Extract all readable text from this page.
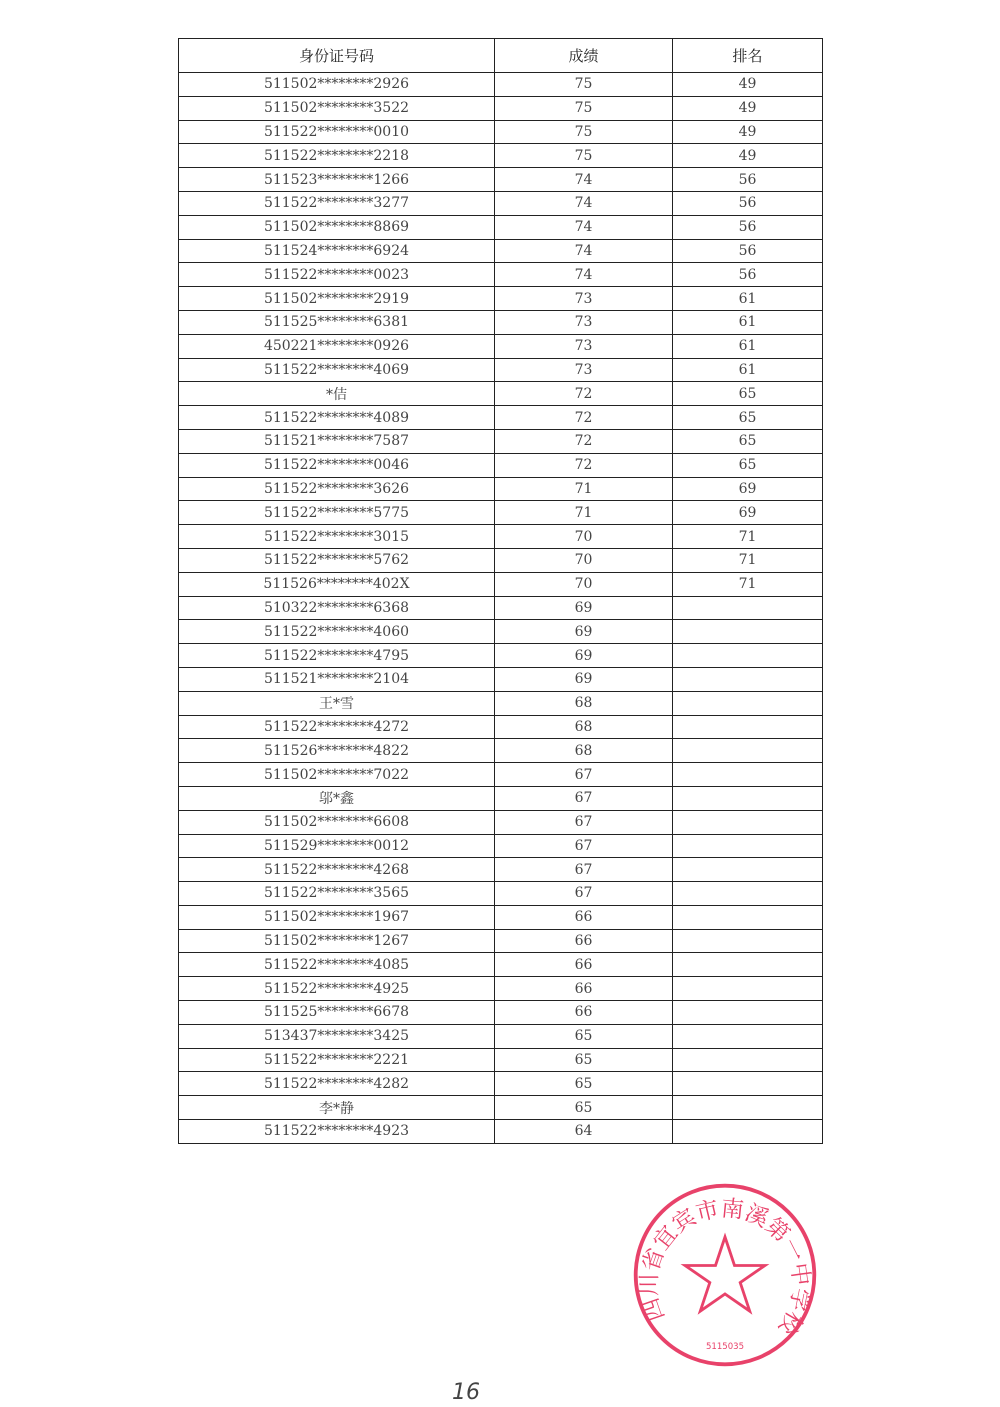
身份证号码	成绩	排名
511502********2926	75	49
511502********3522	75	49
511522********0010	75	49
511522********2218	75	49
511523********1266	74	56
511522********3277	74	56
511502********8869	74	56
511524********6924	74	56
511522********0023	74	56
511502********2919	73	61
511525********6381	73	61
450221********0926	73	61
511522********4069	73	61
*佶	72	65
511522********4089	72	65
511521********7587	72	65
511522********0046	72	65
511522********3626	71	69
511522********5775	71	69
511522********3015	70	71
511522********5762	70	71
511526********402X	70	71
510322********6368	69	
511522********4060	69	
511522********4795	69	
511521********2104	69	
王*雪	68	
511522********4272	68	
511526********4822	68	
511502********7022	67	
邬*鑫	67	
511502********6608	67	
511529********0012	67	
511522********4268	67	
511522********3565	67	
511502********1967	66	
511502********1267	66	
511522********4085	66	
511522********4925	66	
511525********6678	66	
513437********3425	65	
511522********2221	65	
511522********4282	65	
李*静	65	
511522********4923	64	
四川省宜宾市南溪第一中学校
5115035
16
